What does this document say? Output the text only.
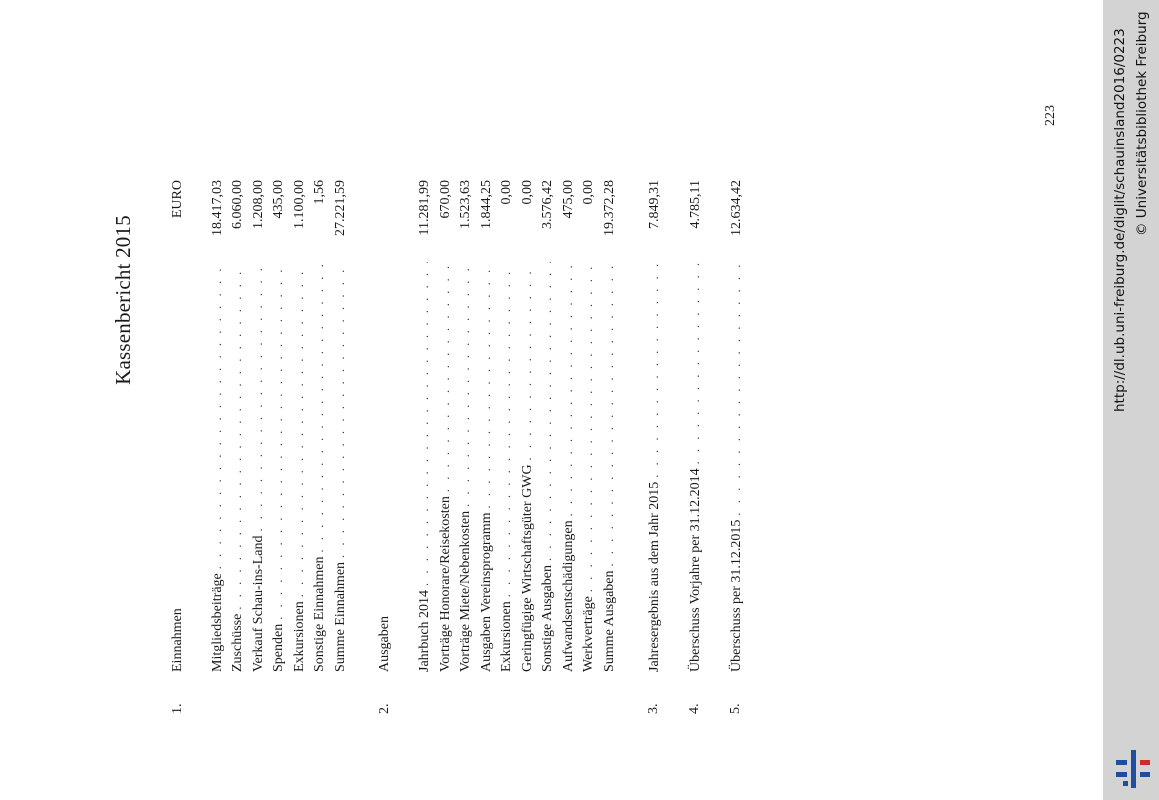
223
Kassenbericht 2015
EURO
1.
Einnahmen Mitgliedsbeiträge
. . .
18.417,03
Zuschüsse
. . .
6.060,00
Verkauf Schau-ins-Land
. . .
1.208,00
Spenden
. . .
435,00
Exkursionen
. . .
1.100,00
Sonstige Einnahmen
. . .
1,56
Summe Einnahmen
. . .
27.221,59
2.
Ausgaben Jahrbuch 2014
. . .
11.281,99
Vorträge Honorare/Reisekosten
. . .
670,00
Vorträge Miete/Nebenkosten
. . .
1.523,63
Ausgaben Vereinsprogramm
. . .
1.844,25
Exkursionen
. . .
0,00
Geringfügige Wirtschaftsgüter GWG
. . .
0,00
Sonstige Ausgaben
. . .
3.576,42
Aufwandsentschädigungen
. . .
475,00
Werkverträge
. . .
0,00
Summe Ausgaben
. . .
19.372,28
3.
Jahresergebnis aus dem Jahr 2015
. . .
7.849,31
4.
Überschuss Vorjahre per 31.12.2014
. . .
4.785,11
5.
Überschuss per 31.12.2015
. . .
12.634,42	http://dl.ub.uni-freiburg.de/diglit/schauinsland2016/0223 © Universitätsbibliothek Freiburg
